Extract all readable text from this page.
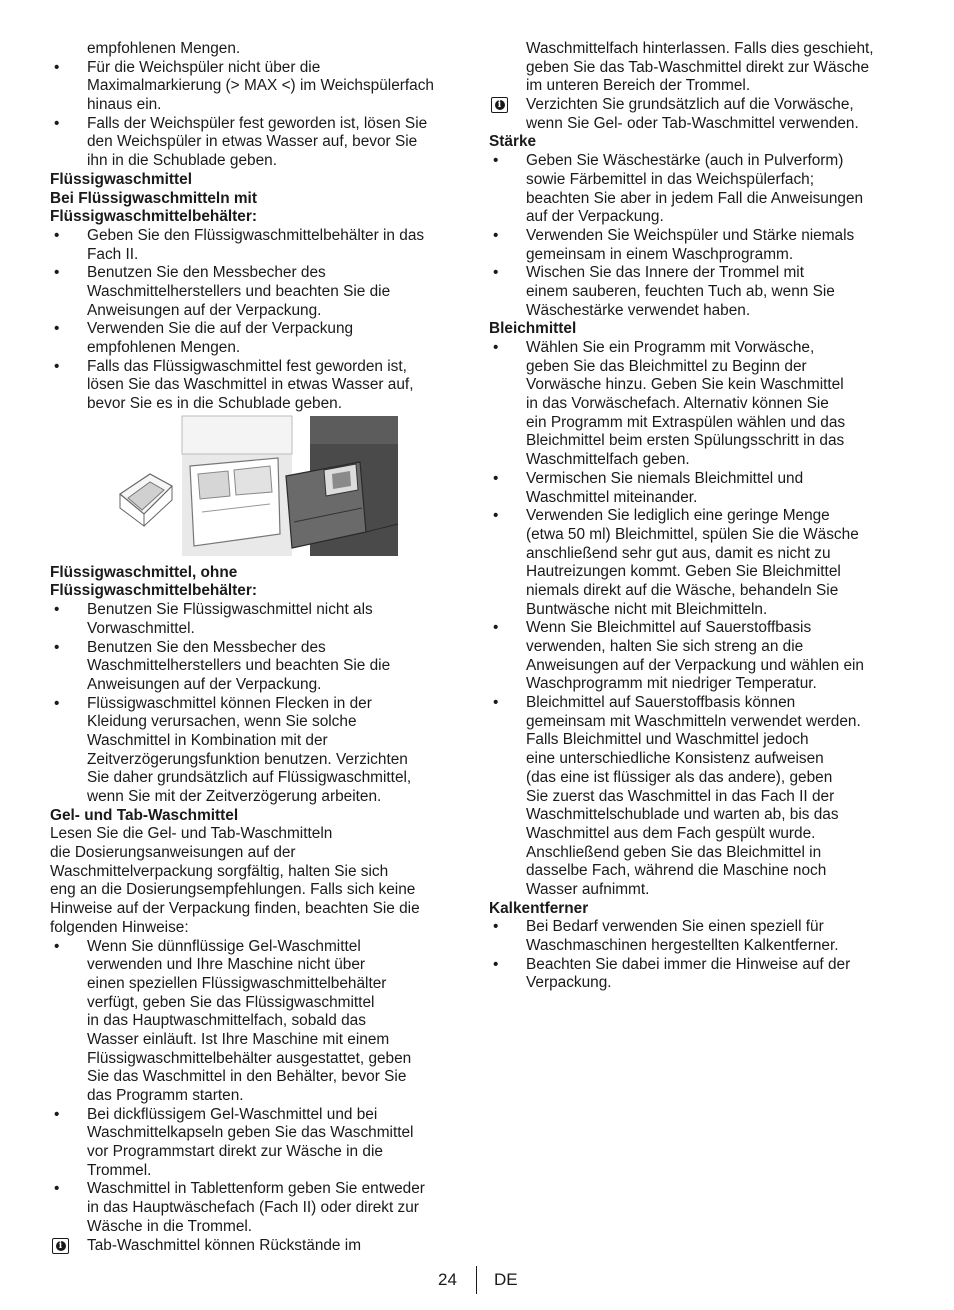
empfohlenen Mengen.
• Für die Weichspüler nicht über die
Maximalmarkierung (> MAX <) im Weichspülerfach
hinaus ein.
• Falls der Weichspüler fest geworden ist, lösen Sie
den Weichspüler in etwas Wasser auf, bevor Sie
ihn in die Schublade geben.
Flüssigwaschmittel
Bei Flüssigwaschmitteln mit
Flüssigwaschmittelbehälter:
• Geben Sie den Flüssigwaschmittelbehälter in das
Fach II.
• Benutzen Sie den Messbecher des
Waschmittelherstellers und beachten Sie die
Anweisungen auf der Verpackung.
• Verwenden Sie die auf der Verpackung
empfohlenen Mengen.
• Falls das Flüssigwaschmittel fest geworden ist,
lösen Sie das Waschmittel in etwas Wasser auf,
bevor Sie es in die Schublade geben.
Flüssigwaschmittel, ohne
Flüssigwaschmittelbehälter:
• Benutzen Sie Flüssigwaschmittel nicht als
Vorwaschmittel.
• Benutzen Sie den Messbecher des
Waschmittelherstellers und beachten Sie die
Anweisungen auf der Verpackung.
• Flüssigwaschmittel können Flecken in der
Kleidung verursachen, wenn Sie solche
Waschmittel in Kombination mit der
Zeitverzögerungsfunktion benutzen. Verzichten
Sie daher grundsätzlich auf Flüssigwaschmittel,
wenn Sie mit der Zeitverzögerung arbeiten.
Gel- und Tab-Waschmittel
Lesen Sie die Gel- und Tab-Waschmitteln
die Dosierungsanweisungen auf der
Waschmittelverpackung sorgfältig, halten Sie sich
eng an die Dosierungsempfehlungen. Falls sich keine
Hinweise auf der Verpackung finden, beachten Sie die
folgenden Hinweise:
• Wenn Sie dünnflüssige Gel-Waschmittel
verwenden und Ihre Maschine nicht über
einen speziellen Flüssigwaschmittelbehälter
verfügt, geben Sie das Flüssigwaschmittel
in das Hauptwaschmittelfach, sobald das
Wasser einläuft. Ist Ihre Maschine mit einem
Flüssigwaschmittelbehälter ausgestattet, geben
Sie das Waschmittel in den Behälter, bevor Sie
das Programm starten.
• Bei dickflüssigem Gel-Waschmittel und bei
Waschmittelkapseln geben Sie das Waschmittel
vor Programmstart direkt zur Wäsche in die
Trommel.
• Waschmittel in Tablettenform geben Sie entweder
in das Hauptwäschefach (Fach II) oder direkt zur
Wäsche in die Trommel.
i Tab-Waschmittel können Rückstände im
Waschmittelfach hinterlassen. Falls dies geschieht,
geben Sie das Tab-Waschmittel direkt zur Wäsche
im unteren Bereich der Trommel.
i Verzichten Sie grundsätzlich auf die Vorwäsche,
wenn Sie Gel- oder Tab-Waschmittel verwenden.
Stärke
• Geben Sie Wäschestärke (auch in Pulverform)
sowie Färbemittel in das Weichspülerfach;
beachten Sie aber in jedem Fall die Anweisungen
auf der Verpackung.
• Verwenden Sie Weichspüler und Stärke niemals
gemeinsam in einem Waschprogramm.
• Wischen Sie das Innere der Trommel mit
einem sauberen, feuchten Tuch ab, wenn Sie
Wäschestärke verwendet haben.
Bleichmittel
• Wählen Sie ein Programm mit Vorwäsche,
geben Sie das Bleichmittel zu Beginn der
Vorwäsche hinzu. Geben Sie kein Waschmittel
in das Vorwäschefach. Alternativ können Sie
ein Programm mit Extraspülen wählen und das
Bleichmittel beim ersten Spülungsschritt in das
Waschmittelfach geben.
• Vermischen Sie niemals Bleichmittel und
Waschmittel miteinander.
• Verwenden Sie lediglich eine geringe Menge
(etwa 50 ml) Bleichmittel, spülen Sie die Wäsche
anschließend sehr gut aus, damit es nicht zu
Hautreizungen kommt. Geben Sie Bleichmittel
niemals direkt auf die Wäsche, behandeln Sie
Buntwäsche nicht mit Bleichmitteln.
• Wenn Sie Bleichmittel auf Sauerstoffbasis
verwenden, halten Sie sich streng an die
Anweisungen auf der Verpackung und wählen ein
Waschprogramm mit niedriger Temperatur.
• Bleichmittel auf Sauerstoffbasis können
gemeinsam mit Waschmitteln verwendet werden.
Falls Bleichmittel und Waschmittel jedoch
eine unterschiedliche Konsistenz aufweisen
(das eine ist flüssiger als das andere), geben
Sie zuerst das Waschmittel in das Fach II der
Waschmittelschublade und warten ab, bis das
Waschmittel aus dem Fach gespült wurde.
Anschließend geben Sie das Bleichmittel in
dasselbe Fach, während die Maschine noch
Wasser aufnimmt.
Kalkentferner
• Bei Bedarf verwenden Sie einen speziell für
Waschmaschinen hergestellten Kalkentferner.
• Beachten Sie dabei immer die Hinweise auf der
Verpackung.
24 DE
